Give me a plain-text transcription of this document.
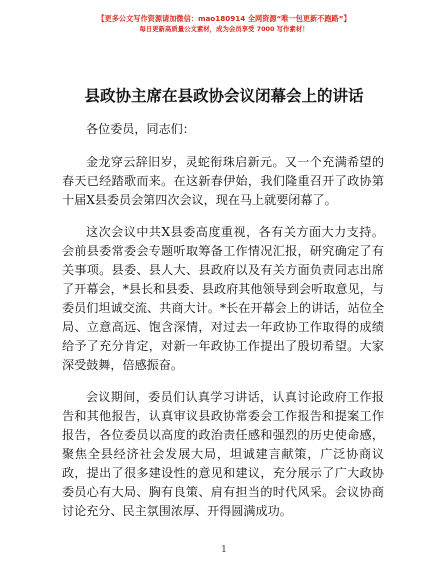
【更多公文写作资源请加微信：mao180914 全网资源“唯一包更新不跑路”】
每日更新高质量公文素材，成为会员享受 7000 写作素材！
县政协主席在县政协会议闭幕会上的讲话

各位委员，同志们：

金龙穿云辞旧岁，灵蛇衔珠启新元。又一个充满希望的春天已经踏歌而来。在这新春伊始，我们隆重召开了政协第十届X县委员会第四次会议，现在马上就要闭幕了。

这次会议中共X县委高度重视，各有关方面大力支持。会前县委常委会专题听取筹备工作情况汇报，研究确定了有关事项。县委、县人大、县政府以及有关方面负责同志出席了开幕会，*县长和县委、县政府其他领导到会听取意见，与委员们坦诚交流、共商大计。*长在开幕会上的讲话，站位全局、立意高远、饱含深情，对过去一年政协工作取得的成绩给予了充分肯定，对新一年政协工作提出了殷切希望。大家深受鼓舞，倍感振奋。

会议期间，委员们认真学习讲话，认真讨论政府工作报告和其他报告，认真审议县政协常委会工作报告和提案工作报告，各位委员以高度的政治责任感和强烈的历史使命感，聚焦全县经济社会发展大局，坦诚建言献策，广泛协商议政，提出了很多建设性的意见和建议，充分展示了广大政协委员心有大局、胸有良策、肩有担当的时代风采。会议协商讨论充分、民主氛围浓厚、开得圆满成功。

1
